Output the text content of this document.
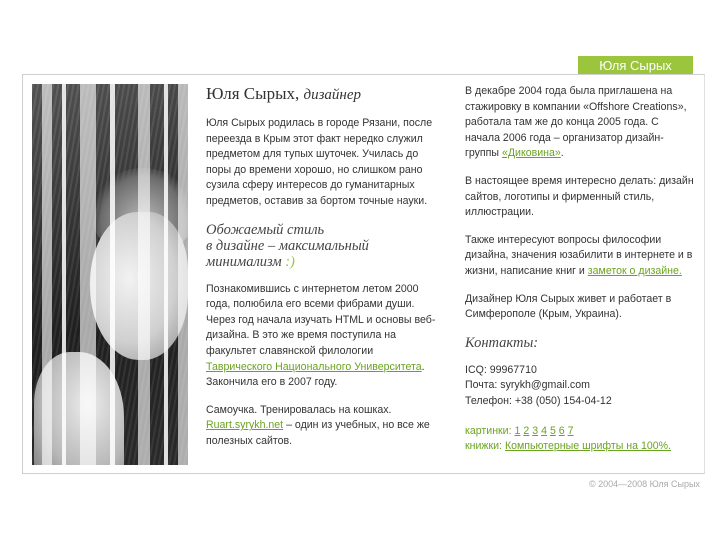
Юля Сырых
Юля Сырых, дизайнер

Юля Сырых родилась в городе Рязани, после переезда в Крым этот факт нередко служил предметом для тупых шуточек. Училась до поры до времени хорошо, но слишком рано сузила сферу интересов до гуманитарных предметов, оставив за бортом точные науки.

Обожаемый стиль
в дизайне – максимальный
минимализм :)

Познакомившись с интернетом летом 2000 года, полюбила его всеми фибрами души. Через год начала изучать HTML и основы веб-дизайна. В это же время поступила на факультет славянской филологии Таврического Национального Университета. Закончила его в 2007 году.

Самоучка. Тренировалась на кошках. Ruart.syrykh.net – один из учебных, но все же полезных сайтов.

В декабре 2004 года была приглашена на стажировку в компании «Offshore Creations», работала там же до конца 2005 года. С начала 2006 года – организатор дизайн-группы «Диковина».

В настоящее время интересно делать: дизайн сайтов, логотипы и фирменный стиль, иллюстрации.

Также интересуют вопросы философии дизайна, значения юзабилити в интернете и в жизни, написание книг и заметок о дизайне.

Дизайнер Юля Сырых живет и работает в Симферополе (Крым, Украина).

Контакты:
ICQ: 99967710
Почта: syrykh@gmail.com
Телефон: +38 (050) 154-04-12
картинки: 1 2 3 4 5 6 7
книжки: Компьютерные шрифты на 100%.
© 2004—2008 Юля Сырых
